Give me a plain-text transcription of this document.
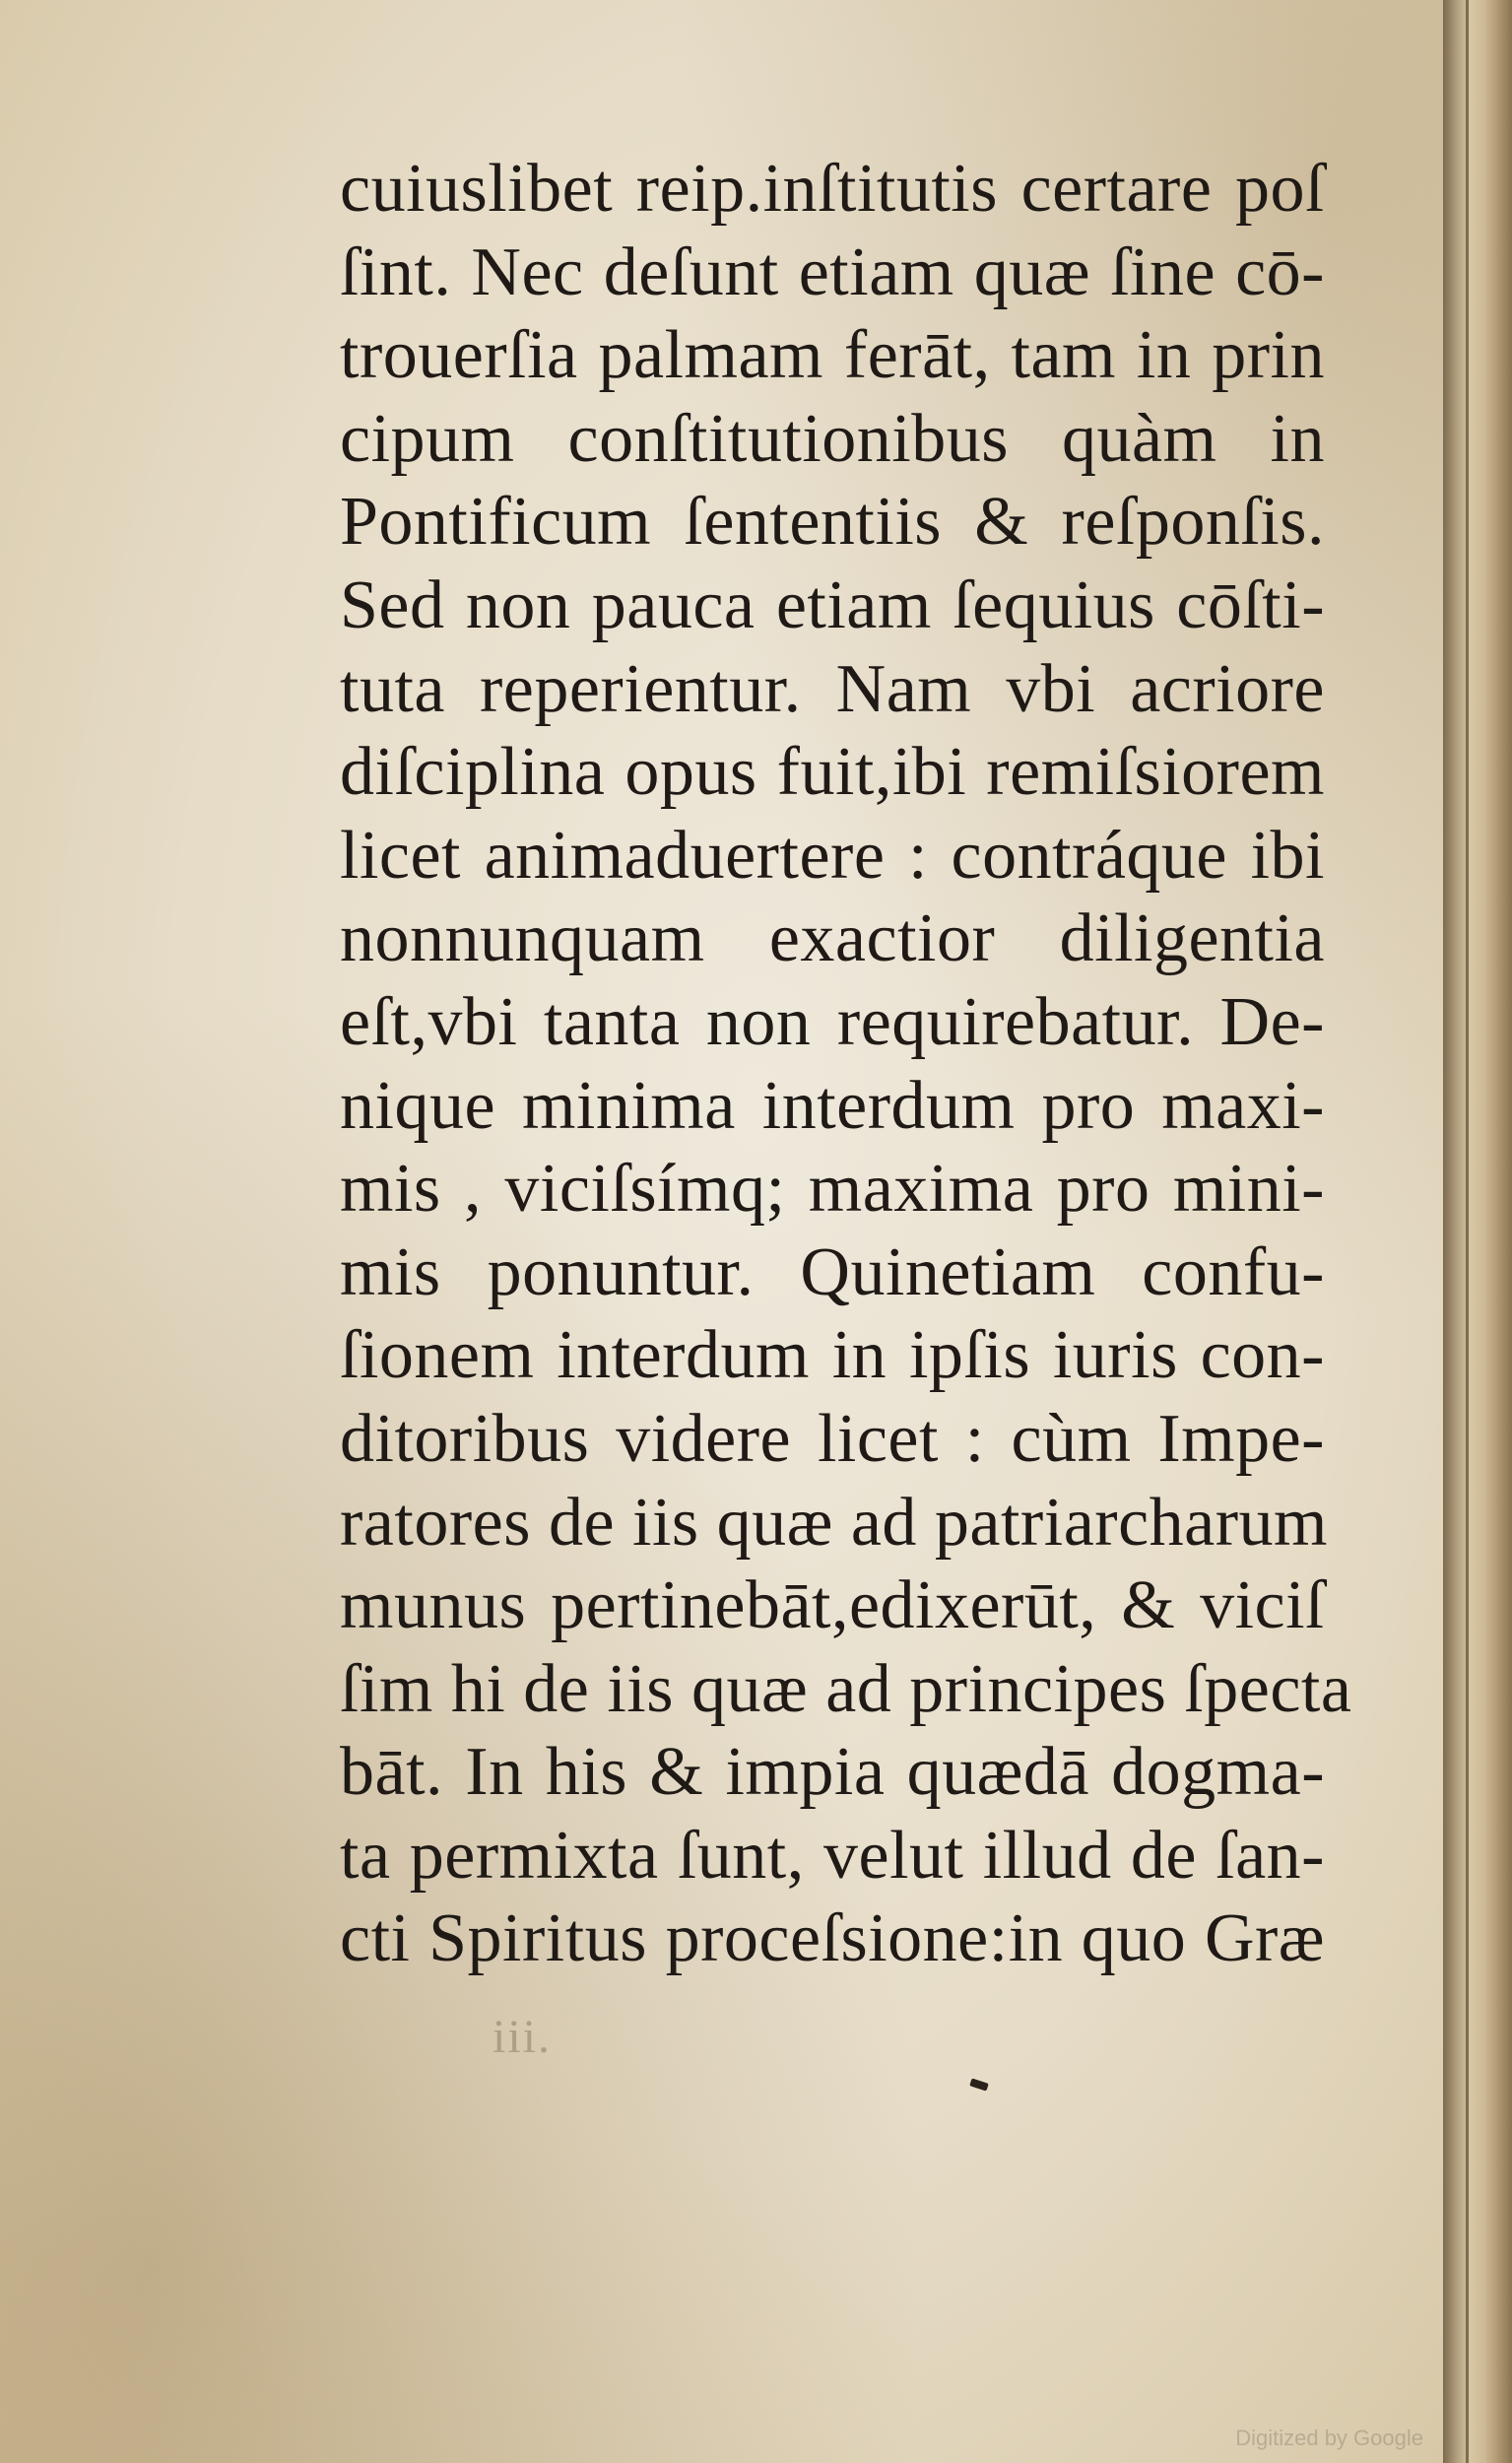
cuiuslibet reip.inſtitutis certare poſ
ſint. Nec deſunt etiam quæ ſine cō-
trouerſia palmam ferāt, tam in prin
cipum conſtitutionibus quàm in
Pontificum ſententiis & reſponſis.
Sed non pauca etiam ſequius cōſti-
tuta reperientur. Nam vbi acriore
diſciplina opus fuit,ibi remiſsiorem
licet animaduertere : contráque ibi
nonnunquam exactior diligentia
eſt,vbi tanta non requirebatur. De-
nique minima interdum pro maxi-
mis , viciſsímq; maxima pro mini-
mis ponuntur. Quinetiam confu-
ſionem interdum in ipſis iuris con-
ditoribus videre licet : cùm Impe-
ratores de iis quæ ad patriarcharum
munus pertinebāt,edixerūt, & viciſ
ſim hi de iis quæ ad principes ſpecta
bāt. In his & impia quædā dogma-
ta permixta ſunt, velut illud de ſan-
cti Spiritus proceſsione:in quo Græ
iii.
Digitized by Google
